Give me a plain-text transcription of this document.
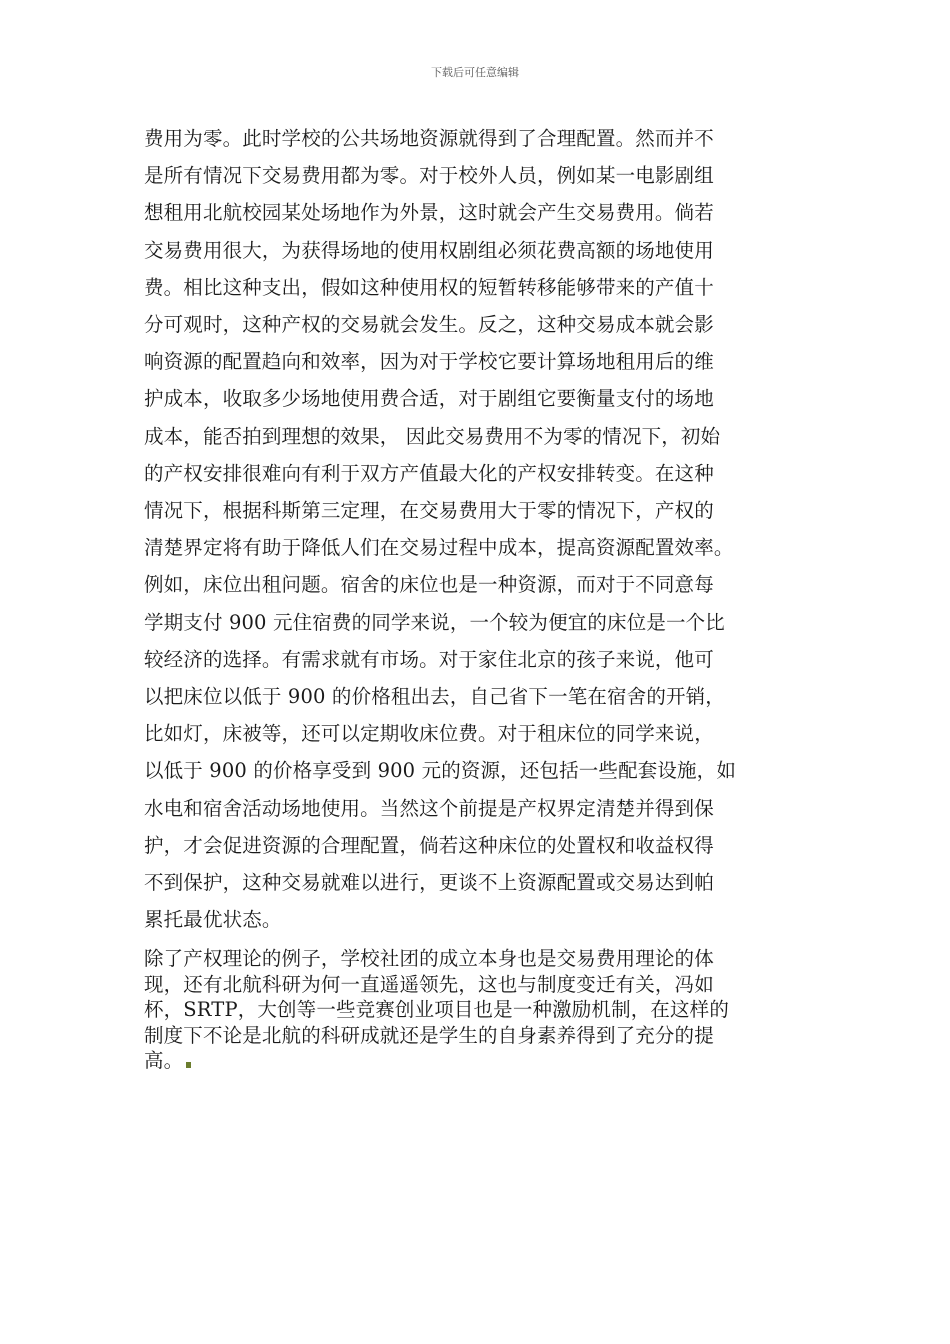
下载后可任意编辑
费用为零。此时学校的公共场地资源就得到了合理配置。然而并不
是所有情况下交易费用都为零。对于校外人员，例如某一电影剧组
想租用北航校园某处场地作为外景，这时就会产生交易费用。倘若
交易费用很大，为获得场地的使用权剧组必须花费高额的场地使用
费。相比这种支出，假如这种使用权的短暂转移能够带来的产值十
分可观时，这种产权的交易就会发生。反之，这种交易成本就会影
响资源的配置趋向和效率，因为对于学校它要计算场地租用后的维
护成本，收取多少场地使用费合适，对于剧组它要衡量支付的场地
成本，能否拍到理想的效果， 因此交易费用不为零的情况下，初始
的产权安排很难向有利于双方产值最大化的产权安排转变。在这种
情况下，根据科斯第三定理，在交易费用大于零的情况下，产权的
清楚界定将有助于降低人们在交易过程中成本，提高资源配置效率。
例如，床位出租问题。宿舍的床位也是一种资源，而对于不同意每
学期支付 900 元住宿费的同学来说，一个较为便宜的床位是一个比
较经济的选择。有需求就有市场。对于家住北京的孩子来说，他可
以把床位以低于 900 的价格租出去，自己省下一笔在宿舍的开销，
比如灯，床被等，还可以定期收床位费。对于租床位的同学来说，
以低于 900 的价格享受到 900 元的资源，还包括一些配套设施，如
水电和宿舍活动场地使用。当然这个前提是产权界定清楚并得到保
护，才会促进资源的合理配置，倘若这种床位的处置权和收益权得
不到保护，这种交易就难以进行，更谈不上资源配置或交易达到帕
累托最优状态。
除了产权理论的例子，学校社团的成立本身也是交易费用理论的体
现，还有北航科研为何一直遥遥领先，这也与制度变迁有关，冯如
杯，SRTP，大创等一些竞赛创业项目也是一种激励机制，在这样的
制度下不论是北航的科研成就还是学生的自身素养得到了充分的提
高。
